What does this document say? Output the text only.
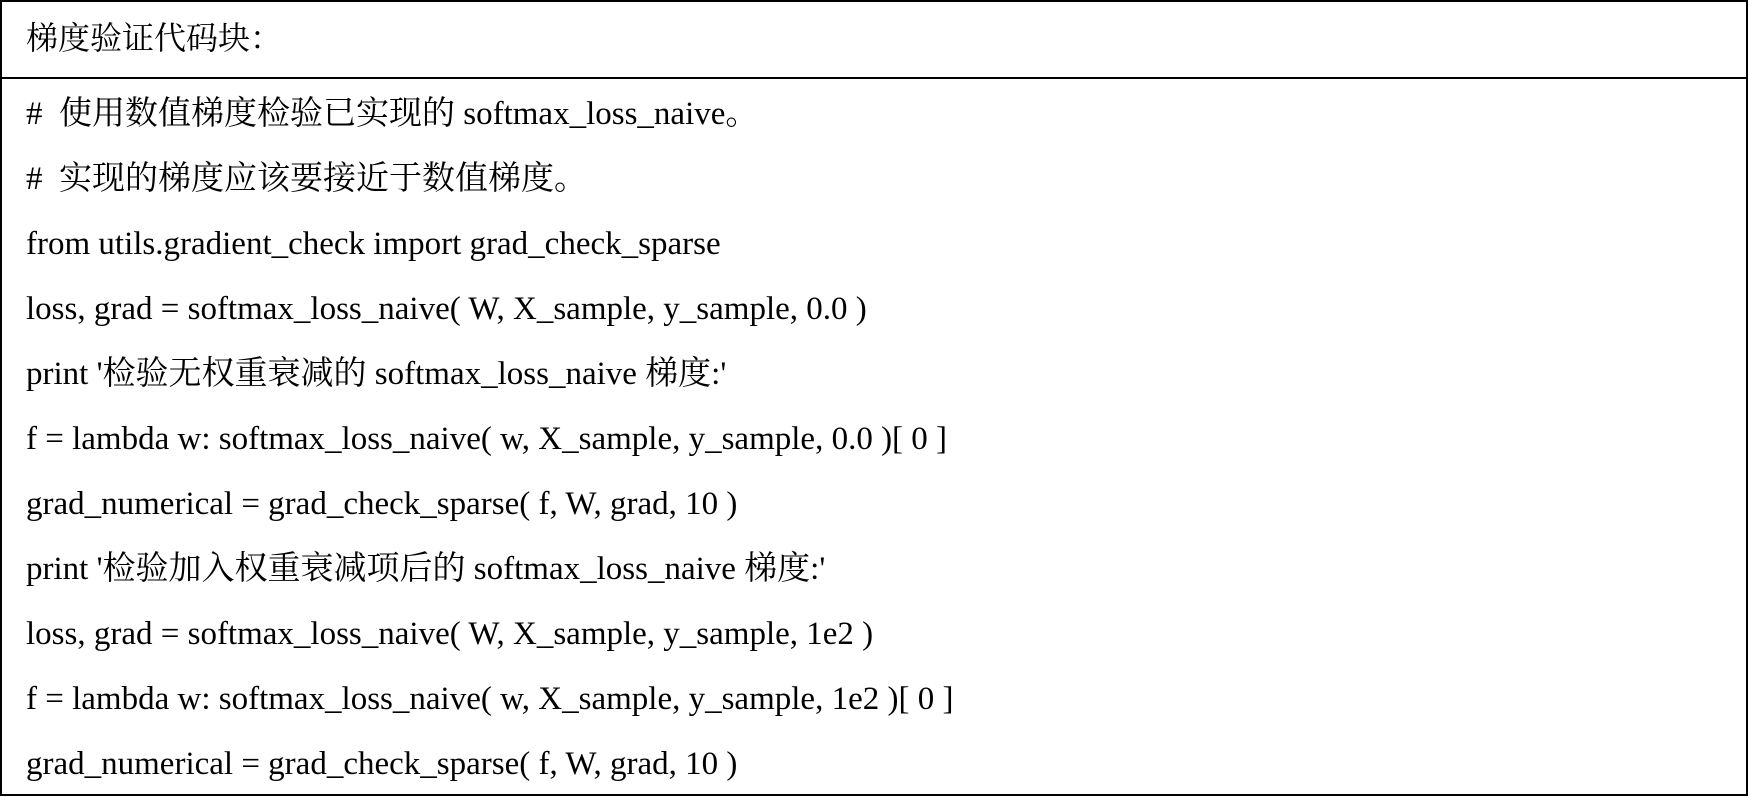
梯度验证代码块：
#  使用数值梯度检验已实现的 softmax_loss_naive。
#  实现的梯度应该要接近于数值梯度。
from utils.gradient_check import grad_check_sparse
loss, grad = softmax_loss_naive( W, X_sample, y_sample, 0.0 )
print '检验无权重衰减的 softmax_loss_naive 梯度:'
f = lambda w: softmax_loss_naive( w, X_sample, y_sample, 0.0 )[ 0 ]
grad_numerical = grad_check_sparse( f, W, grad, 10 )
print '检验加入权重衰减项后的 softmax_loss_naive 梯度:'
loss, grad = softmax_loss_naive( W, X_sample, y_sample, 1e2 )
f = lambda w: softmax_loss_naive( w, X_sample, y_sample, 1e2 )[ 0 ]
grad_numerical = grad_check_sparse( f, W, grad, 10 )
